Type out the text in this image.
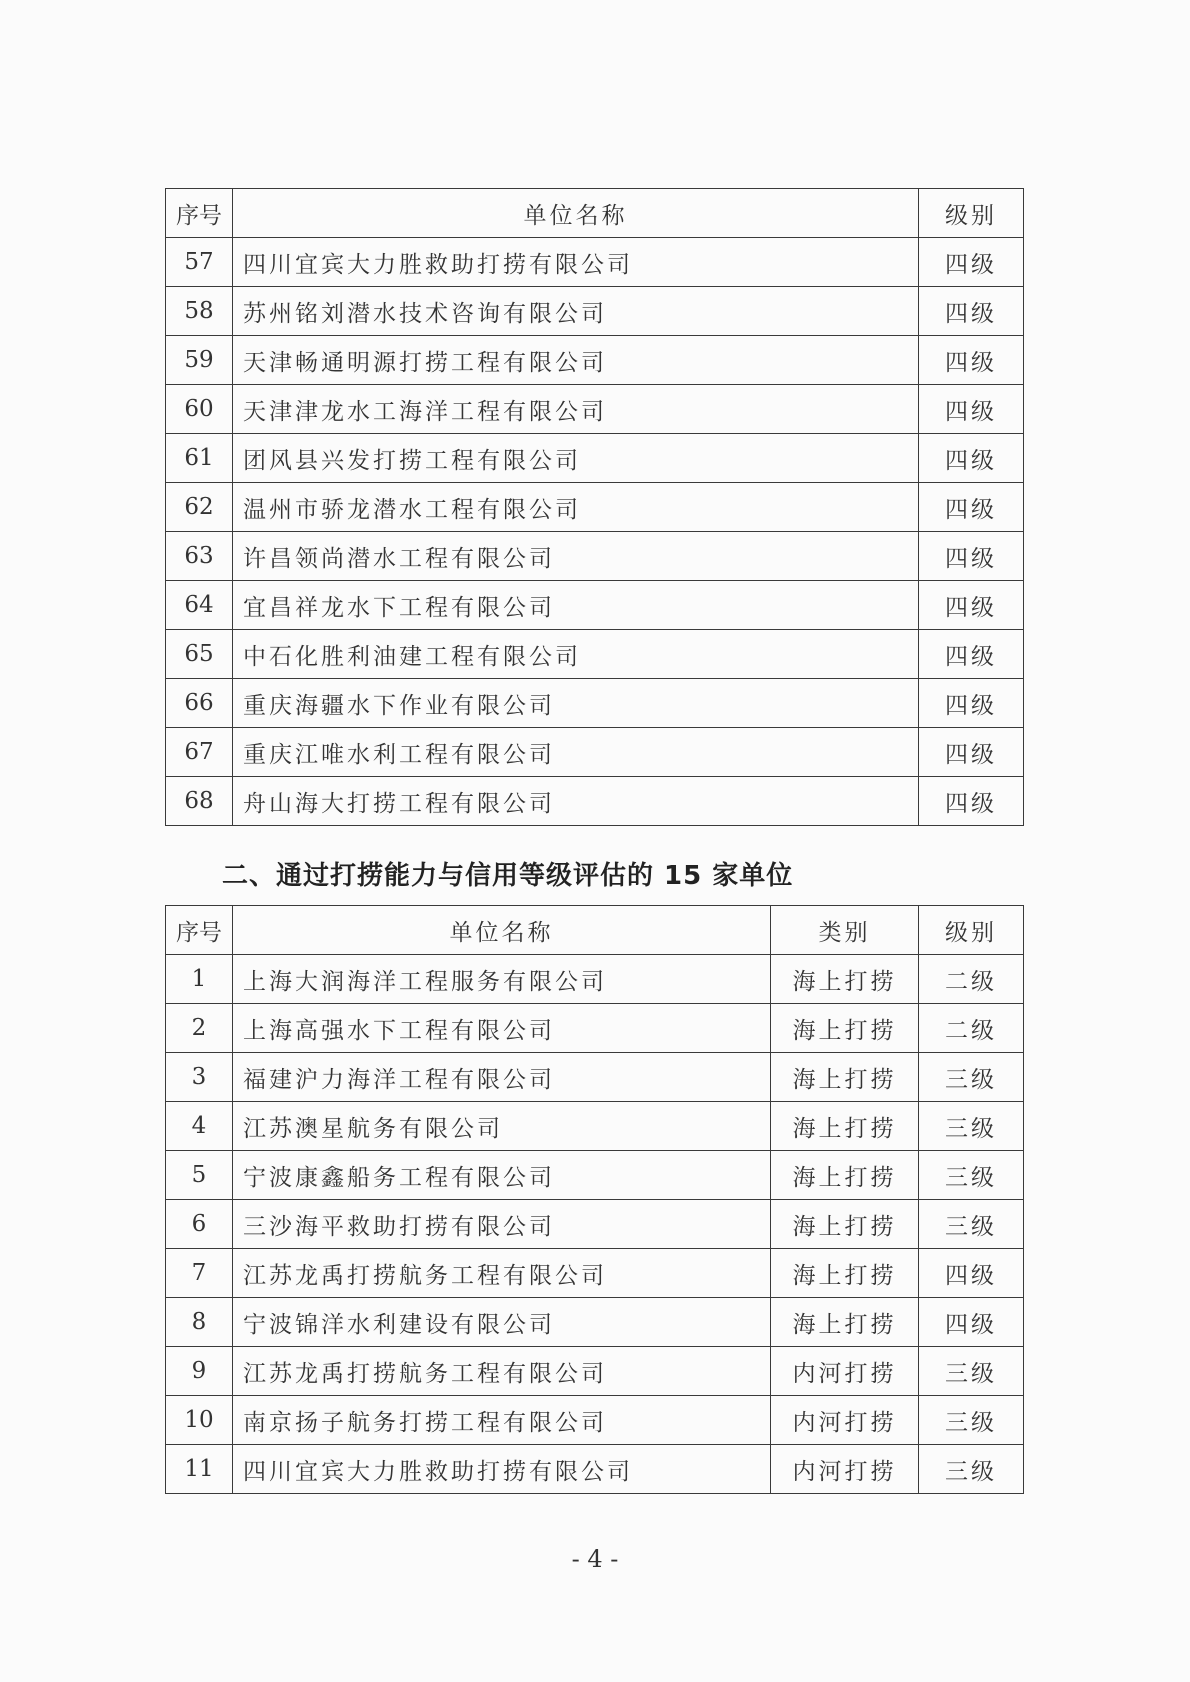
序号	单位名称	级别
57	四川宜宾大力胜救助打捞有限公司	四级
58	苏州铭刘潜水技术咨询有限公司	四级
59	天津畅通明源打捞工程有限公司	四级
60	天津津龙水工海洋工程有限公司	四级
61	团风县兴发打捞工程有限公司	四级
62	温州市骄龙潜水工程有限公司	四级
63	许昌领尚潜水工程有限公司	四级
64	宜昌祥龙水下工程有限公司	四级
65	中石化胜利油建工程有限公司	四级
66	重庆海疆水下作业有限公司	四级
67	重庆江唯水利工程有限公司	四级
68	舟山海大打捞工程有限公司	四级
二、通过打捞能力与信用等级评估的 15 家单位
序号	单位名称	类别	级别
1	上海大润海洋工程服务有限公司	海上打捞	二级
2	上海高强水下工程有限公司	海上打捞	二级
3	福建沪力海洋工程有限公司	海上打捞	三级
4	江苏澳星航务有限公司	海上打捞	三级
5	宁波康鑫船务工程有限公司	海上打捞	三级
6	三沙海平救助打捞有限公司	海上打捞	三级
7	江苏龙禹打捞航务工程有限公司	海上打捞	四级
8	宁波锦洋水利建设有限公司	海上打捞	四级
9	江苏龙禹打捞航务工程有限公司	内河打捞	三级
10	南京扬子航务打捞工程有限公司	内河打捞	三级
11	四川宜宾大力胜救助打捞有限公司	内河打捞	三级
- 4 -
